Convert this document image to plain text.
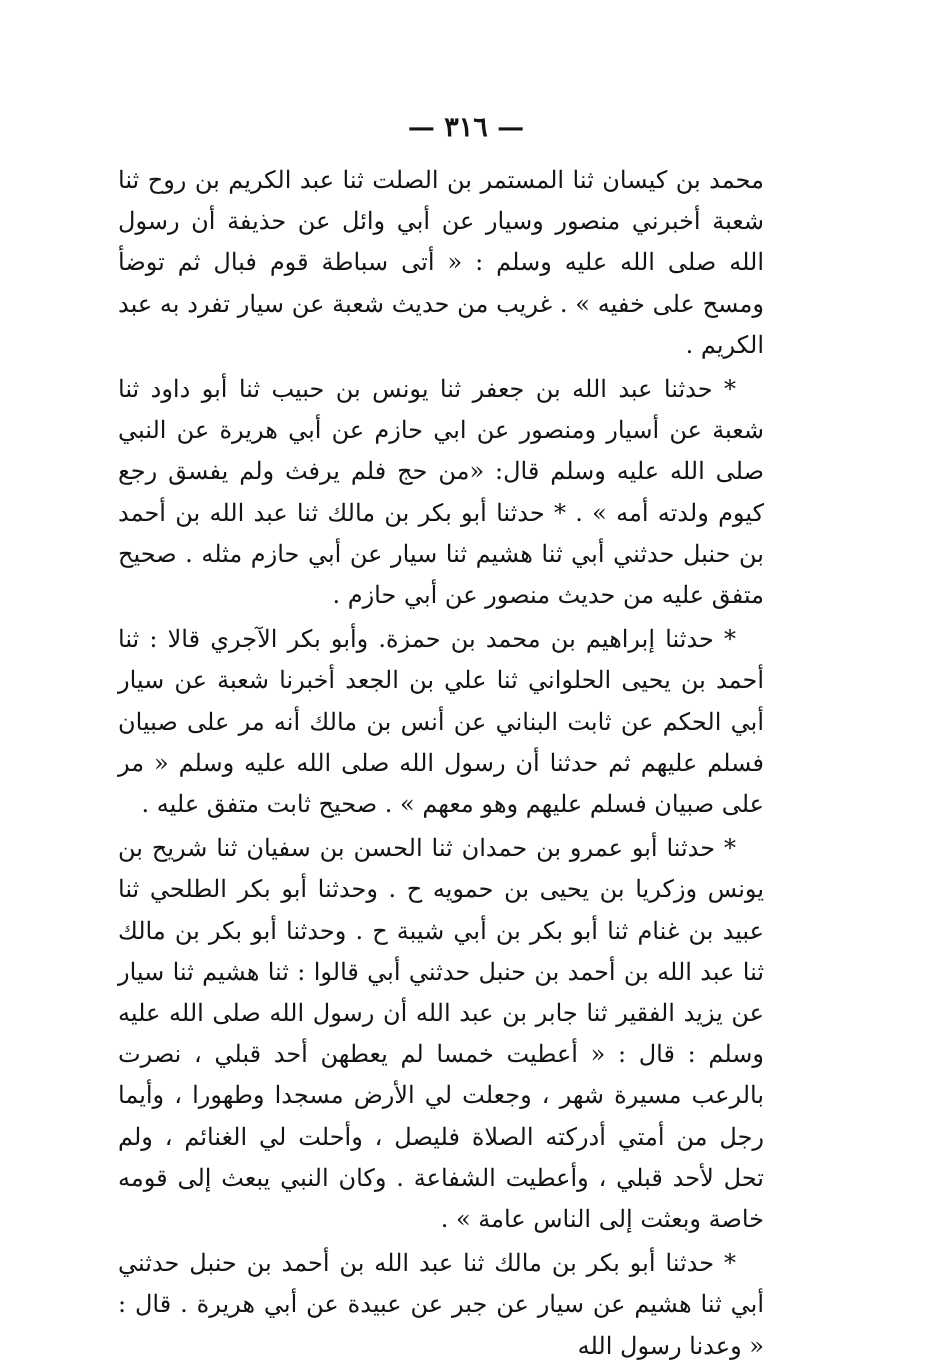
— ٣١٦ —

محمد بن كيسان ثنا المستمر بن الصلت ثنا عبد الكريم بن روح ثنا شعبة أخبرني منصور وسيار عن أبي وائل عن حذيفة أن رسول الله صلى الله عليه وسلم : « أتى سباطة قوم فبال ثم توضأ ومسح على خفيه » . غريب من حديث شعبة عن سيار تفرد به عبد الكريم .

* حدثنا عبد الله بن جعفر ثنا يونس بن حبيب ثنا أبو داود ثنا شعبة عن أسيار ومنصور عن ابي حازم عن أبي هريرة عن النبي صلى الله عليه وسلم قال: «من حج فلم يرفث ولم يفسق رجع كيوم ولدته أمه » . * حدثنا أبو بكر بن مالك ثنا عبد الله بن أحمد بن حنبل حدثني أبي ثنا هشيم ثنا سيار عن أبي حازم مثله . صحيح متفق عليه من حديث منصور عن أبي حازم .

* حدثنا إبراهيم بن محمد بن حمزة. وأبو بكر الآجري قالا : ثنا أحمد بن يحيى الحلواني ثنا علي بن الجعد أخبرنا شعبة عن سيار أبي الحكم عن ثابت البناني عن أنس بن مالك أنه مر على صبيان فسلم عليهم ثم حدثنا أن رسول الله صلى الله عليه وسلم « مر على صبيان فسلم عليهم وهو معهم » . صحيح ثابت متفق عليه .

* حدثنا أبو عمرو بن حمدان ثنا الحسن بن سفيان ثنا شريح بن يونس وزكريا بن يحيى بن حمويه ح . وحدثنا أبو بكر الطلحي ثنا عبيد بن غنام ثنا أبو بكر بن أبي شيبة ح . وحدثنا أبو بكر بن مالك ثنا عبد الله بن أحمد بن حنبل حدثني أبي قالوا : ثنا هشيم ثنا سيار عن يزيد الفقير ثنا جابر بن عبد الله أن رسول الله صلى الله عليه وسلم : قال : « أعطيت خمسا لم يعطهن أحد قبلي ، نصرت بالرعب مسيرة شهر ، وجعلت لي الأرض مسجدا وطهورا ، وأيما رجل من أمتي أدركته الصلاة فليصل ، وأحلت لي الغنائم ، ولم تحل لأحد قبلي ، وأعطيت الشفاعة . وكان النبي يبعث إلى قومه خاصة وبعثت إلى الناس عامة » .

* حدثنا أبو بكر بن مالك ثنا عبد الله بن أحمد بن حنبل حدثني أبي ثنا هشيم عن سيار عن جبر عن عبيدة عن أبي هريرة . قال : « وعدنا رسول الله
